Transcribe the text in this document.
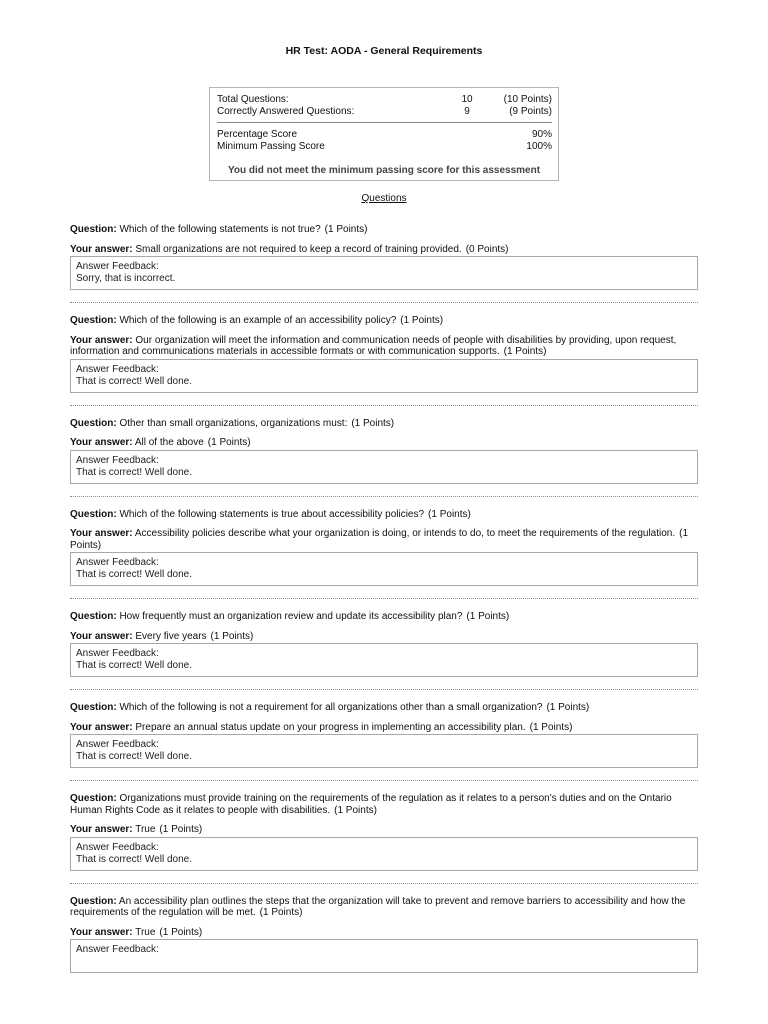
HR Test: AODA - General Requirements
Total Questions:	10	(10 Points)
Correctly Answered Questions:	9	(9 Points)
Percentage Score	90%
Minimum Passing Score	100%
You did not meet the minimum passing score for this assessment
Questions
Question: Which of the following statements is not true? (1 Points)
Your answer: Small organizations are not required to keep a record of training provided. (0 Points)
Answer Feedback:
Sorry, that is incorrect.
Question: Which of the following is an example of an accessibility policy? (1 Points)
Your answer: Our organization will meet the information and communication needs of people with disabilities by providing, upon request, information and communications materials in accessible formats or with communication supports. (1 Points)
Answer Feedback:
That is correct! Well done.
Question: Other than small organizations, organizations must: (1 Points)
Your answer: All of the above (1 Points)
Answer Feedback:
That is correct! Well done.
Question: Which of the following statements is true about accessibility policies? (1 Points)
Your answer: Accessibility policies describe what your organization is doing, or intends to do, to meet the requirements of the regulation. (1 Points)
Answer Feedback:
That is correct! Well done.
Question: How frequently must an organization review and update its accessibility plan? (1 Points)
Your answer: Every five years (1 Points)
Answer Feedback:
That is correct! Well done.
Question: Which of the following is not a requirement for all organizations other than a small organization? (1 Points)
Your answer: Prepare an annual status update on your progress in implementing an accessibility plan. (1 Points)
Answer Feedback:
That is correct! Well done.
Question: Organizations must provide training on the requirements of the regulation as it relates to a person's duties and on the Ontario Human Rights Code as it relates to people with disabilities. (1 Points)
Your answer: True (1 Points)
Answer Feedback:
That is correct! Well done.
Question: An accessibility plan outlines the steps that the organization will take to prevent and remove barriers to accessibility and how the requirements of the regulation will be met. (1 Points)
Your answer: True (1 Points)
Answer Feedback:
